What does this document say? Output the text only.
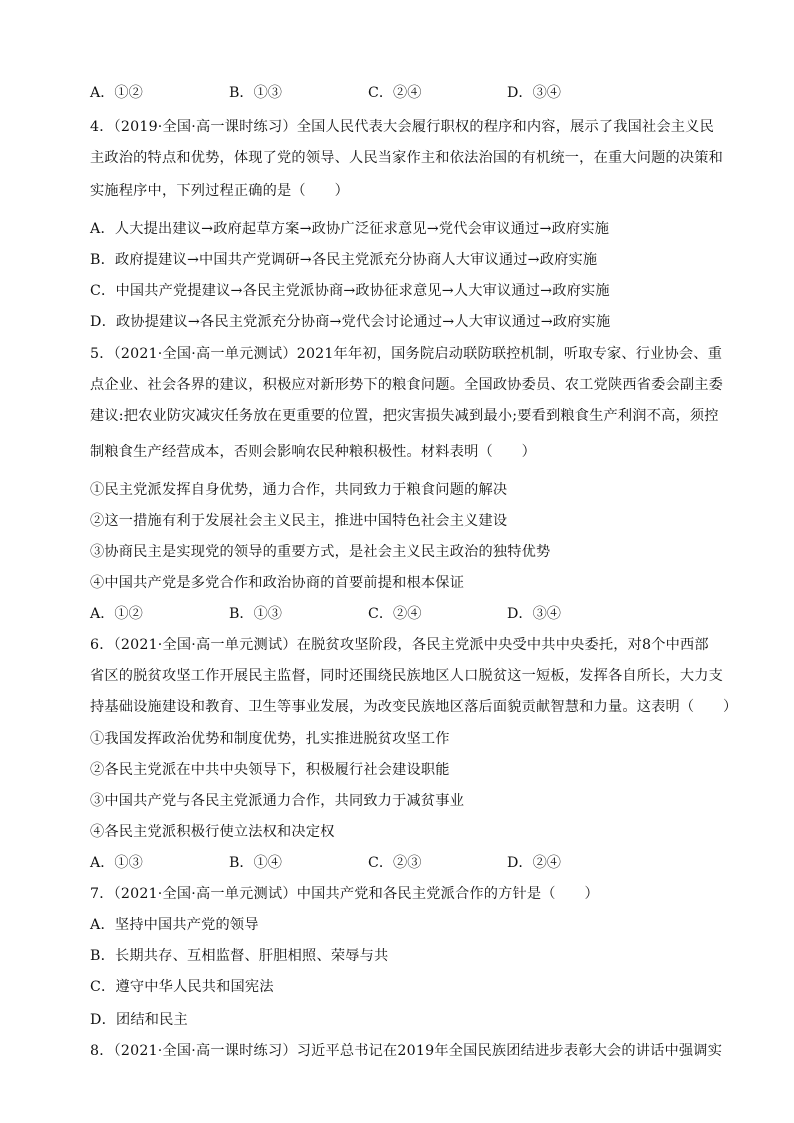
A．①②	B．①③	C．②④	D．③④
4．（2019·全国·高一课时练习）全国人民代表大会履行职权的程序和内容，展示了我国社会主义民
主政治的特点和优势，体现了党的领导、人民当家作主和依法治国的有机统一，在重大问题的决策和
实施程序中，下列过程正确的是（　　）
A．人大提出建议→政府起草方案→政协广泛征求意见→党代会审议通过→政府实施
B．政府提建议→中国共产党调研→各民主党派充分协商人大审议通过→政府实施
C．中国共产党提建议→各民主党派协商→政协征求意见→人大审议通过→政府实施
D．政协提建议→各民主党派充分协商→党代会讨论通过→人大审议通过→政府实施
5．（2021·全国·高一单元测试）2021年年初，国务院启动联防联控机制，听取专家、行业协会、重
点企业、社会各界的建议，积极应对新形势下的粮食问题。全国政协委员、农工党陕西省委会副主委
建议:把农业防灾减灾任务放在更重要的位置，把灾害损失减到最小;要看到粮食生产利润不高，须控
制粮食生产经营成本，否则会影响农民种粮积极性。材料表明（　　）
①民主党派发挥自身优势，通力合作，共同致力于粮食问题的解决
②这一措施有利于发展社会主义民主，推进中国特色社会主义建设
③协商民主是实现党的领导的重要方式，是社会主义民主政治的独特优势
④中国共产党是多党合作和政治协商的首要前提和根本保证
A．①②	B．①③	C．②④	D．③④
6．（2021·全国·高一单元测试）在脱贫攻坚阶段，各民主党派中央受中共中央委托，对8个中西部
省区的脱贫攻坚工作开展民主监督，同时还围绕民族地区人口脱贫这一短板，发挥各自所长，大力支
持基础设施建设和教育、卫生等事业发展，为改变民族地区落后面貌贡献智慧和力量。这表明（　　）
①我国发挥政治优势和制度优势，扎实推进脱贫攻坚工作
②各民主党派在中共中央领导下，积极履行社会建设职能
③中国共产党与各民主党派通力合作，共同致力于减贫事业
④各民主党派积极行使立法权和决定权
A．①③	B．①④	C．②③	D．②④
7．（2021·全国·高一单元测试）中国共产党和各民主党派合作的方针是（　　）
A．坚持中国共产党的领导
B．长期共存、互相监督、肝胆相照、荣辱与共
C．遵守中华人民共和国宪法
D．团结和民主
8．（2021·全国·高一课时练习）习近平总书记在2019年全国民族团结进步表彰大会的讲话中强调实
